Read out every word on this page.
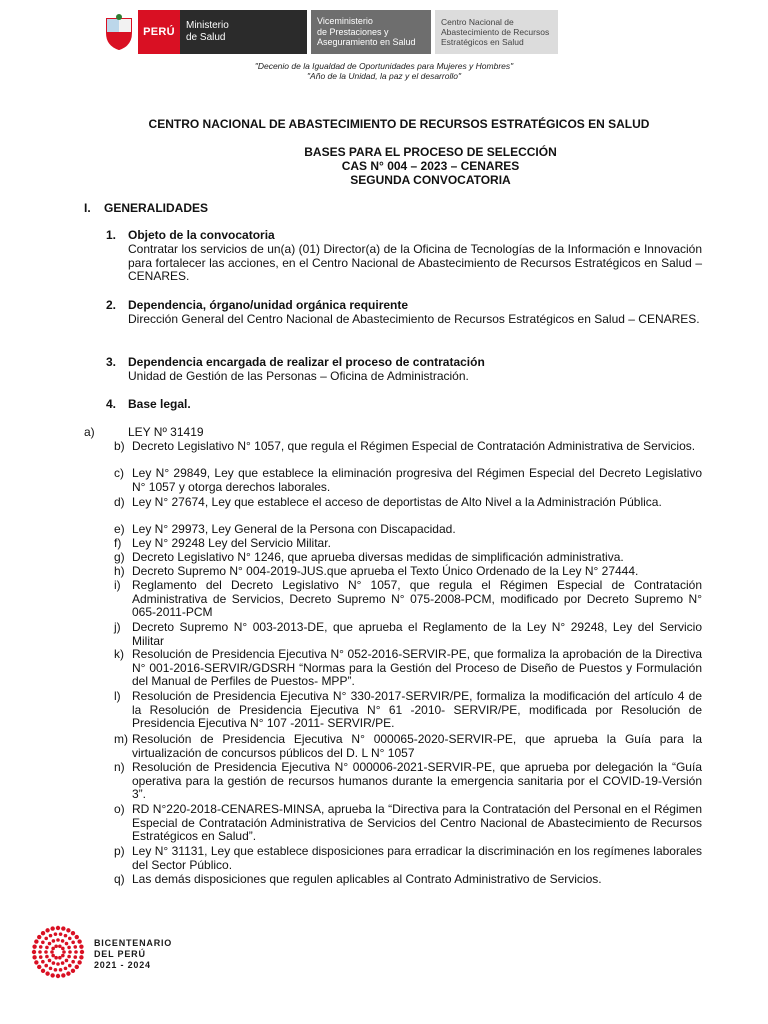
PERÚ
Ministerio
de Salud
Viceministerio
de Prestaciones y
Aseguramiento en Salud
Centro Nacional de
Abastecimiento de Recursos
Estratégicos en Salud
"Decenio de la Igualdad de Oportunidades para Mujeres y Hombres"
"Año de la Unidad, la paz y el desarrollo"
CENTRO NACIONAL DE ABASTECIMIENTO DE RECURSOS ESTRATÉGICOS EN SALUD
BASES PARA EL PROCESO DE SELECCIÓN
CAS N° 004 – 2023 – CENARES
SEGUNDA CONVOCATORIA
I. GENERALIDADES
1. Objeto de la convocatoria
Contratar los servicios de un(a) (01) Director(a) de la Oficina de Tecnologías de la Información e Innovación para fortalecer las acciones, en el Centro Nacional de Abastecimiento de Recursos Estratégicos en Salud – CENARES.
2. Dependencia, órgano/unidad orgánica requirente
Dirección General del Centro Nacional de Abastecimiento de Recursos Estratégicos en Salud – CENARES.
3. Dependencia encargada de realizar el proceso de contratación
Unidad de Gestión de las Personas – Oficina de Administración.
4. Base legal.
a)	LEY Nº 31419
b) Decreto Legislativo N° 1057, que regula el Régimen Especial de Contratación Administrativa de Servicios.
c) Ley N° 29849, Ley que establece la eliminación progresiva del Régimen Especial del Decreto Legislativo N° 1057 y otorga derechos laborales.
d) Ley N° 27674, Ley que establece el acceso de deportistas de Alto Nivel a la Administración Pública.
e) Ley N° 29973, Ley General de la Persona con Discapacidad.
f) Ley N° 29248 Ley del Servicio Militar.
g) Decreto Legislativo N° 1246, que aprueba diversas medidas de simplificación administrativa.
h) Decreto Supremo N° 004-2019-JUS.que aprueba el Texto Único Ordenado de la Ley N° 27444.
i) Reglamento del Decreto Legislativo N° 1057, que regula el Régimen Especial de Contratación Administrativa de Servicios, Decreto Supremo N° 075-2008-PCM, modificado por Decreto Supremo N° 065-2011-PCM
j) Decreto Supremo N° 003-2013-DE, que aprueba el Reglamento de la Ley N° 29248, Ley del Servicio Militar
k) Resolución de Presidencia Ejecutiva N° 052-2016-SERVIR-PE, que formaliza la aprobación de la Directiva N° 001-2016-SERVIR/GDSRH “Normas para la Gestión del Proceso de Diseño de Puestos y Formulación del Manual de Perfiles de Puestos- MPP”.
l) Resolución de Presidencia Ejecutiva N° 330-2017-SERVIR/PE, formaliza la modificación del artículo 4 de la Resolución de Presidencia Ejecutiva N° 61 -2010- SERVIR/PE, modificada por Resolución de Presidencia Ejecutiva N° 107 -2011- SERVIR/PE.
m) Resolución de Presidencia Ejecutiva N° 000065-2020-SERVIR-PE, que aprueba la Guía para la virtualización de concursos públicos del D. L N° 1057
n) Resolución de Presidencia Ejecutiva N° 000006-2021-SERVIR-PE, que aprueba por delegación la “Guía operativa para la gestión de recursos humanos durante la emergencia sanitaria por el COVID-19-Versión 3”.
o) RD N°220-2018-CENARES-MINSA, aprueba la “Directiva para la Contratación del Personal en el Régimen Especial de Contratación Administrativa de Servicios del Centro Nacional de Abastecimiento de Recursos Estratégicos en Salud”.
p) Ley N° 31131, Ley que establece disposiciones para erradicar la discriminación en los regímenes laborales del Sector Público.
q) Las demás disposiciones que regulen aplicables al Contrato Administrativo de Servicios.
BICENTENARIO
DEL PERÚ
2021 - 2024
